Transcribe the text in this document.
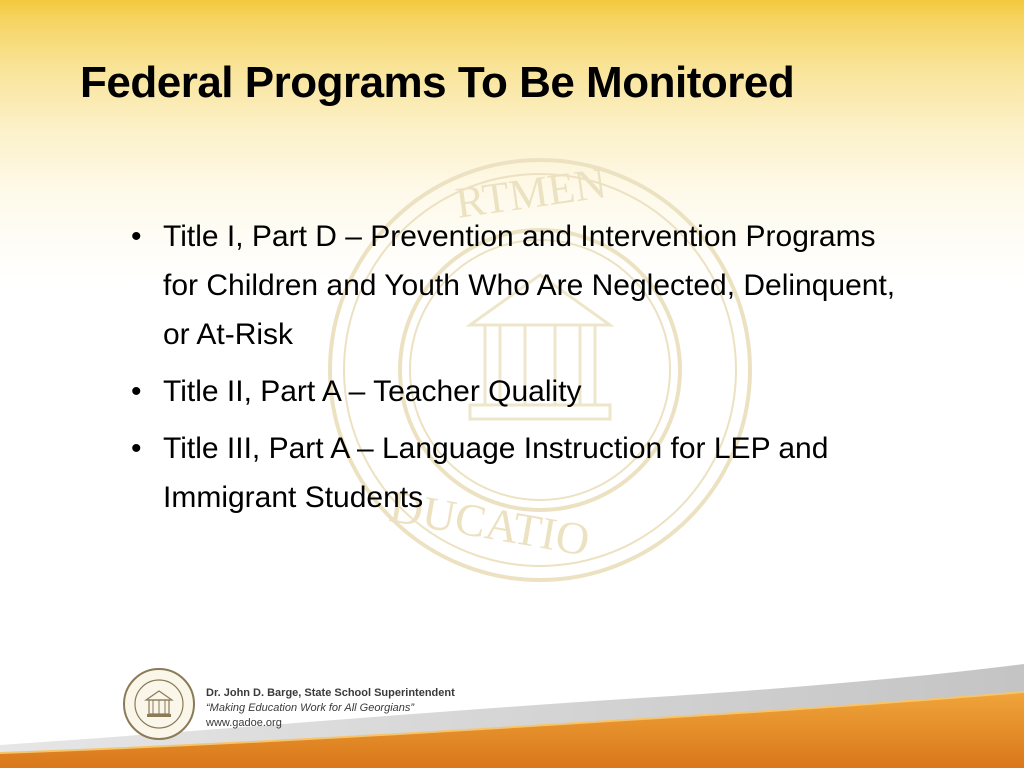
RTMEN
DUCATIO
Federal Programs To Be Monitored
• Title I, Part D – Prevention and Intervention Programs for Children and Youth Who Are Neglected, Delinquent, or At-Risk
• Title II, Part A – Teacher Quality
• Title III, Part A – Language Instruction for LEP and Immigrant Students
Dr. John D. Barge, State School Superintendent
“Making Education Work for All Georgians”
www.gadoe.org
